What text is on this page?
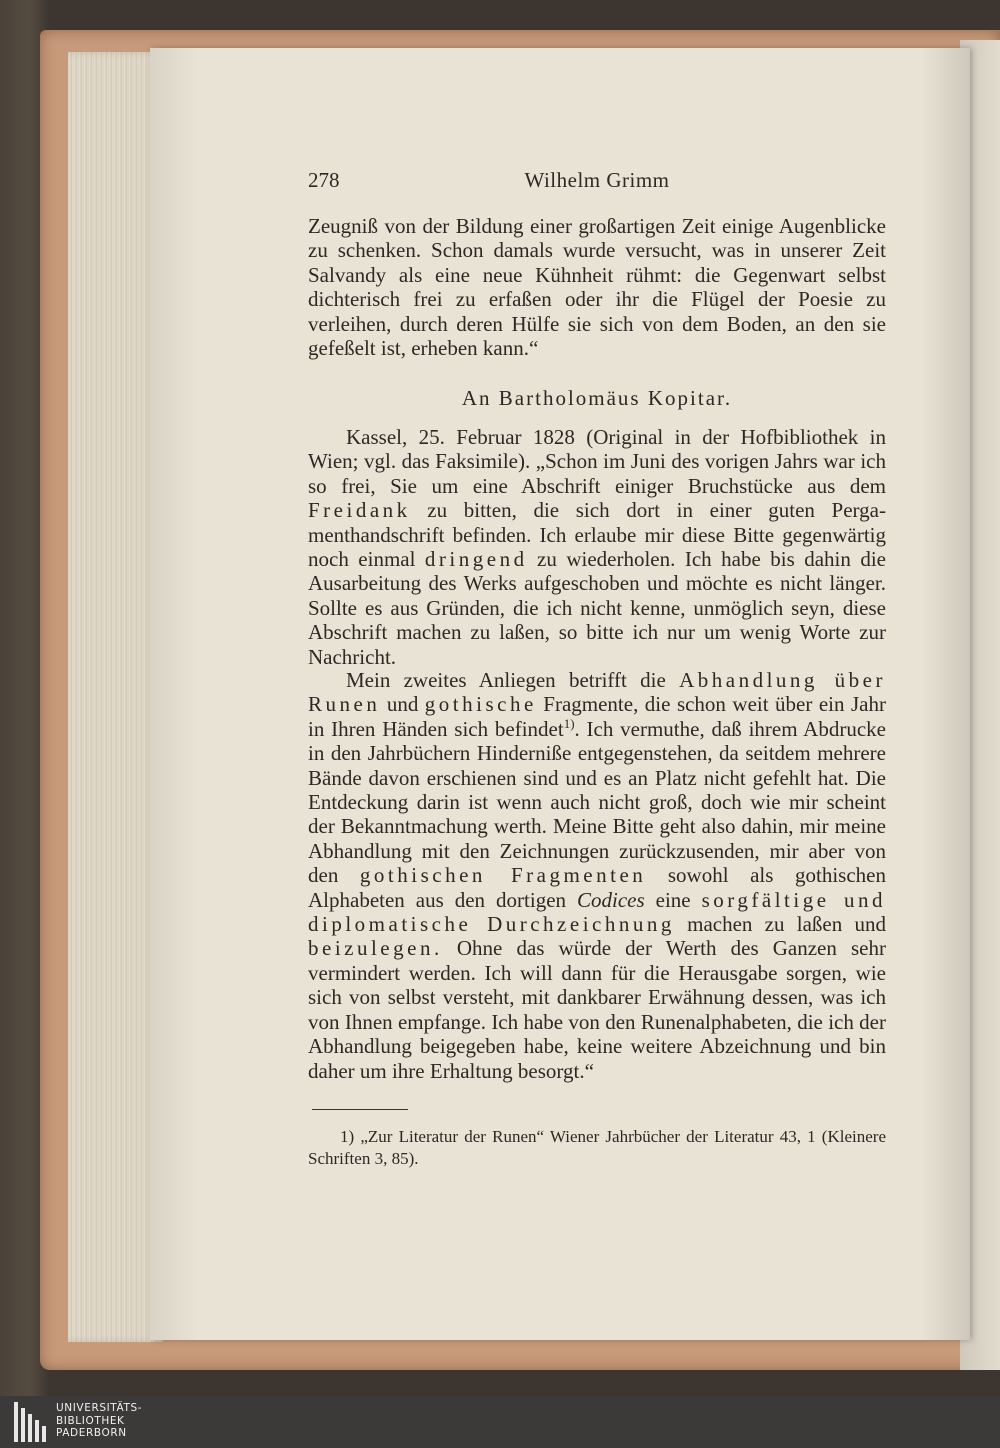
278	Wilhelm Grimm
Zeugniß von der Bildung einer großartigen Zeit einige Augenblicke zu schenken. Schon damals wurde versucht, was in unserer Zeit Salvandy als eine neue Kühnheit rühmt: die Gegenwart selbst dichterisch frei zu erfaßen oder ihr die Flügel der Poesie zu verleihen, durch deren Hülfe sie sich von dem Boden, an den sie gefeßelt ist, erheben kann.“
An Bartholomäus Kopitar.
Kassel, 25. Februar 1828 (Original in der Hofbibliothek in Wien; vgl. das Faksimile). „Schon im Juni des vorigen Jahrs war ich so frei, Sie um eine Abschrift einiger Bruchstücke aus dem Freidank zu bitten, die sich dort in einer guten Pergamenthandschrift befinden. Ich erlaube mir diese Bitte gegenwärtig noch einmal dringend zu wiederholen. Ich habe bis dahin die Ausarbeitung des Werks aufgeschoben und möchte es nicht länger. Sollte es aus Gründen, die ich nicht kenne, unmöglich seyn, diese Abschrift machen zu laßen, so bitte ich nur um wenig Worte zur Nachricht.
Mein zweites Anliegen betrifft die Abhandlung über Runen und gothische Fragmente, die schon weit über ein Jahr in Ihren Händen sich befindet$^{1)}$. Ich vermuthe, daß ihrem Abdrucke in den Jahrbüchern Hinderniße entgegenstehen, da seitdem mehrere Bände davon erschienen sind und es an Platz nicht gefehlt hat. Die Entdeckung darin ist wenn auch nicht groß, doch wie mir scheint der Bekanntmachung werth. Meine Bitte geht also dahin, mir meine Abhandlung mit den Zeichnungen zurückzusenden, mir aber von den gothischen Fragmenten sowohl als gothischen Alphabeten aus den dortigen Codices eine sorgfältige und diplomatische Durchzeichnung machen zu laßen und beizulegen. Ohne das würde der Werth des Ganzen sehr vermindert werden. Ich will dann für die Herausgabe sorgen, wie sich von selbst versteht, mit dankbarer Erwähnung dessen, was ich von Ihnen empfange. Ich habe von den Runenalphabeten, die ich der Abhandlung beigegeben habe, keine weitere Abzeichnung und bin daher um ihre Erhaltung besorgt.“
1) „Zur Literatur der Runen“ Wiener Jahrbücher der Literatur 43, 1 (Kleinere Schriften 3, 85).
UNIVERSITÄTS-
BIBLIOTHEK
PADERBORN
